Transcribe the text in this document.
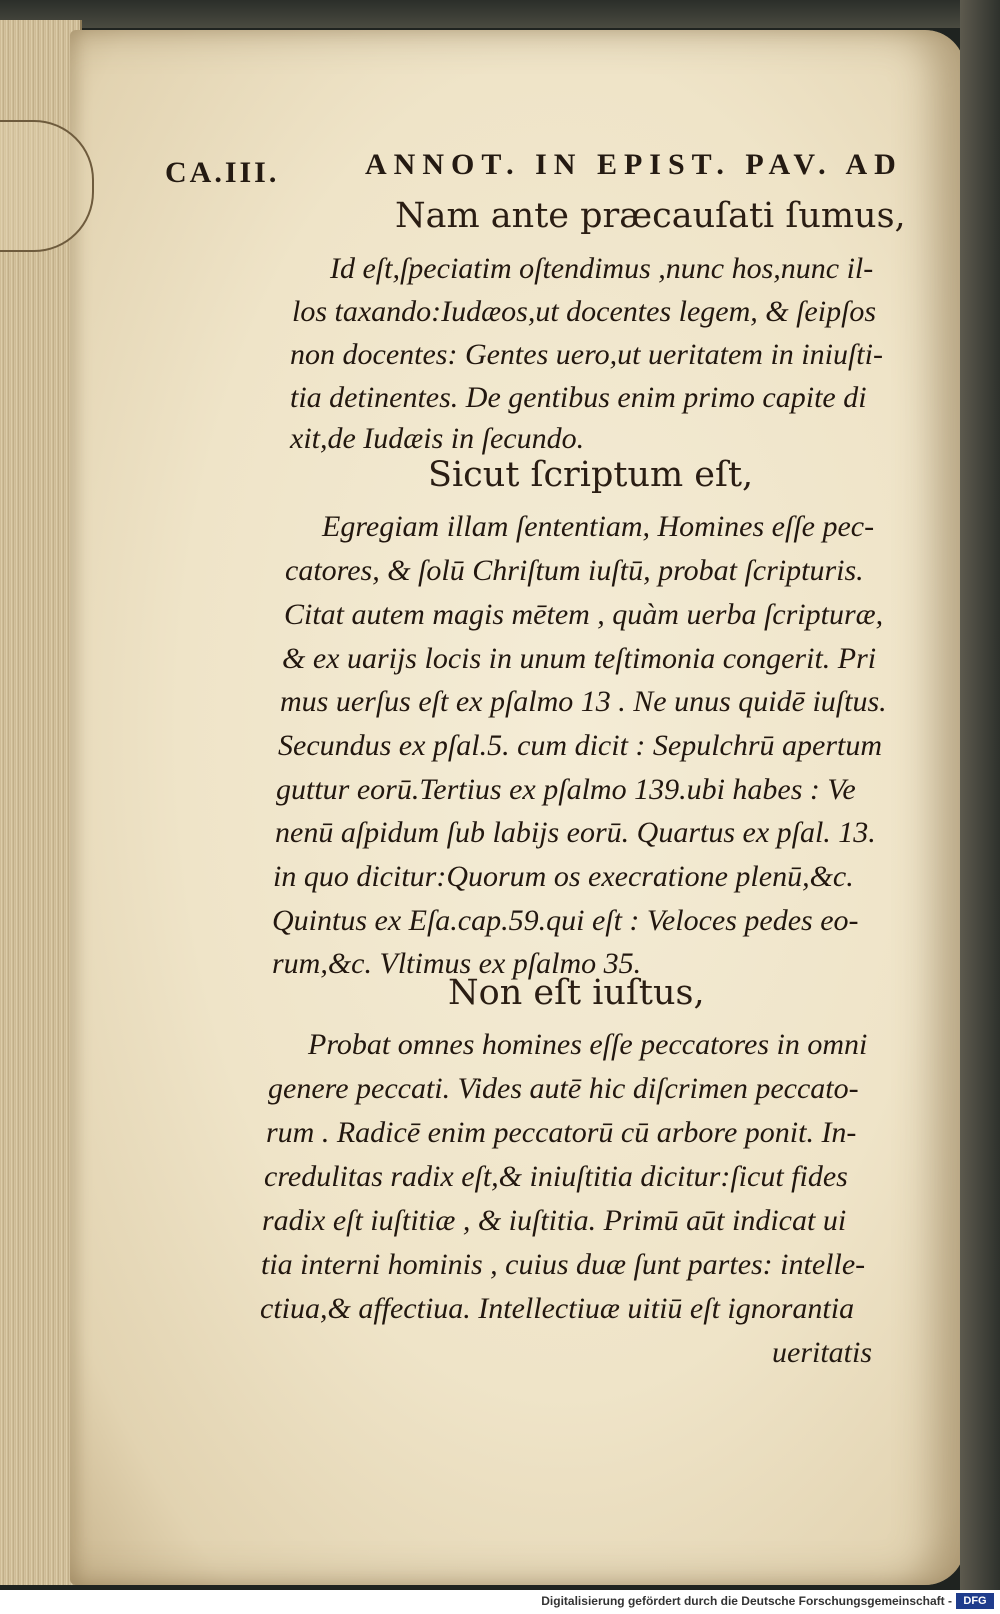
CA.III.	ANNOT. IN EPIST. PAV. AD
Nam ante præcauſati ſumus,
Id eſt,ſpeciatim oſtendimus ,nunc hos,nunc il-
los taxando:Iudæos,ut docentes legem, & ſeipſos
non docentes: Gentes uero,ut ueritatem in iniuſti-
tia detinentes. De gentibus enim primo capite di
xit,de Iudæis in ſecundo.
Sicut ſcriptum eſt,
Egregiam illam ſententiam, Homines eſſe pec-
catores, & ſolū Chriſtum iuſtū, probat ſcripturis.
Citat autem magis mētem , quàm uerba ſcripturæ,
& ex uarijs locis in unum teſtimonia congerit. Pri
mus uerſus eſt ex pſalmo 13 . Ne unus quidē iuſtus.
Secundus ex pſal.5. cum dicit : Sepulchrū apertum
guttur eorū.Tertius ex pſalmo 139.ubi habes : Ve
nenū aſpidum ſub labijs eorū. Quartus ex pſal. 13.
in quo dicitur:Quorum os execratione plenū,&c.
Quintus ex Eſa.cap.59.qui eſt : Veloces pedes eo-
rum,&c. Vltimus ex pſalmo 35.
Non eſt iuſtus,
Probat omnes homines eſſe peccatores in omni
genere peccati. Vides autē hic diſcrimen peccato-
rum . Radicē enim peccatorū cū arbore ponit. In-
credulitas radix eſt,& iniuſtitia dicitur:ſicut fides
radix eſt iuſtitiæ , & iuſtitia. Primū aūt indicat ui
tia interni hominis , cuius duæ ſunt partes: intelle-
ctiua,& affectiua. Intellectiuæ uitiū eſt ignorantia
ueritatis
Digitalisierung gefördert durch die Deutsche Forschungsgemeinschaft -	DFG
